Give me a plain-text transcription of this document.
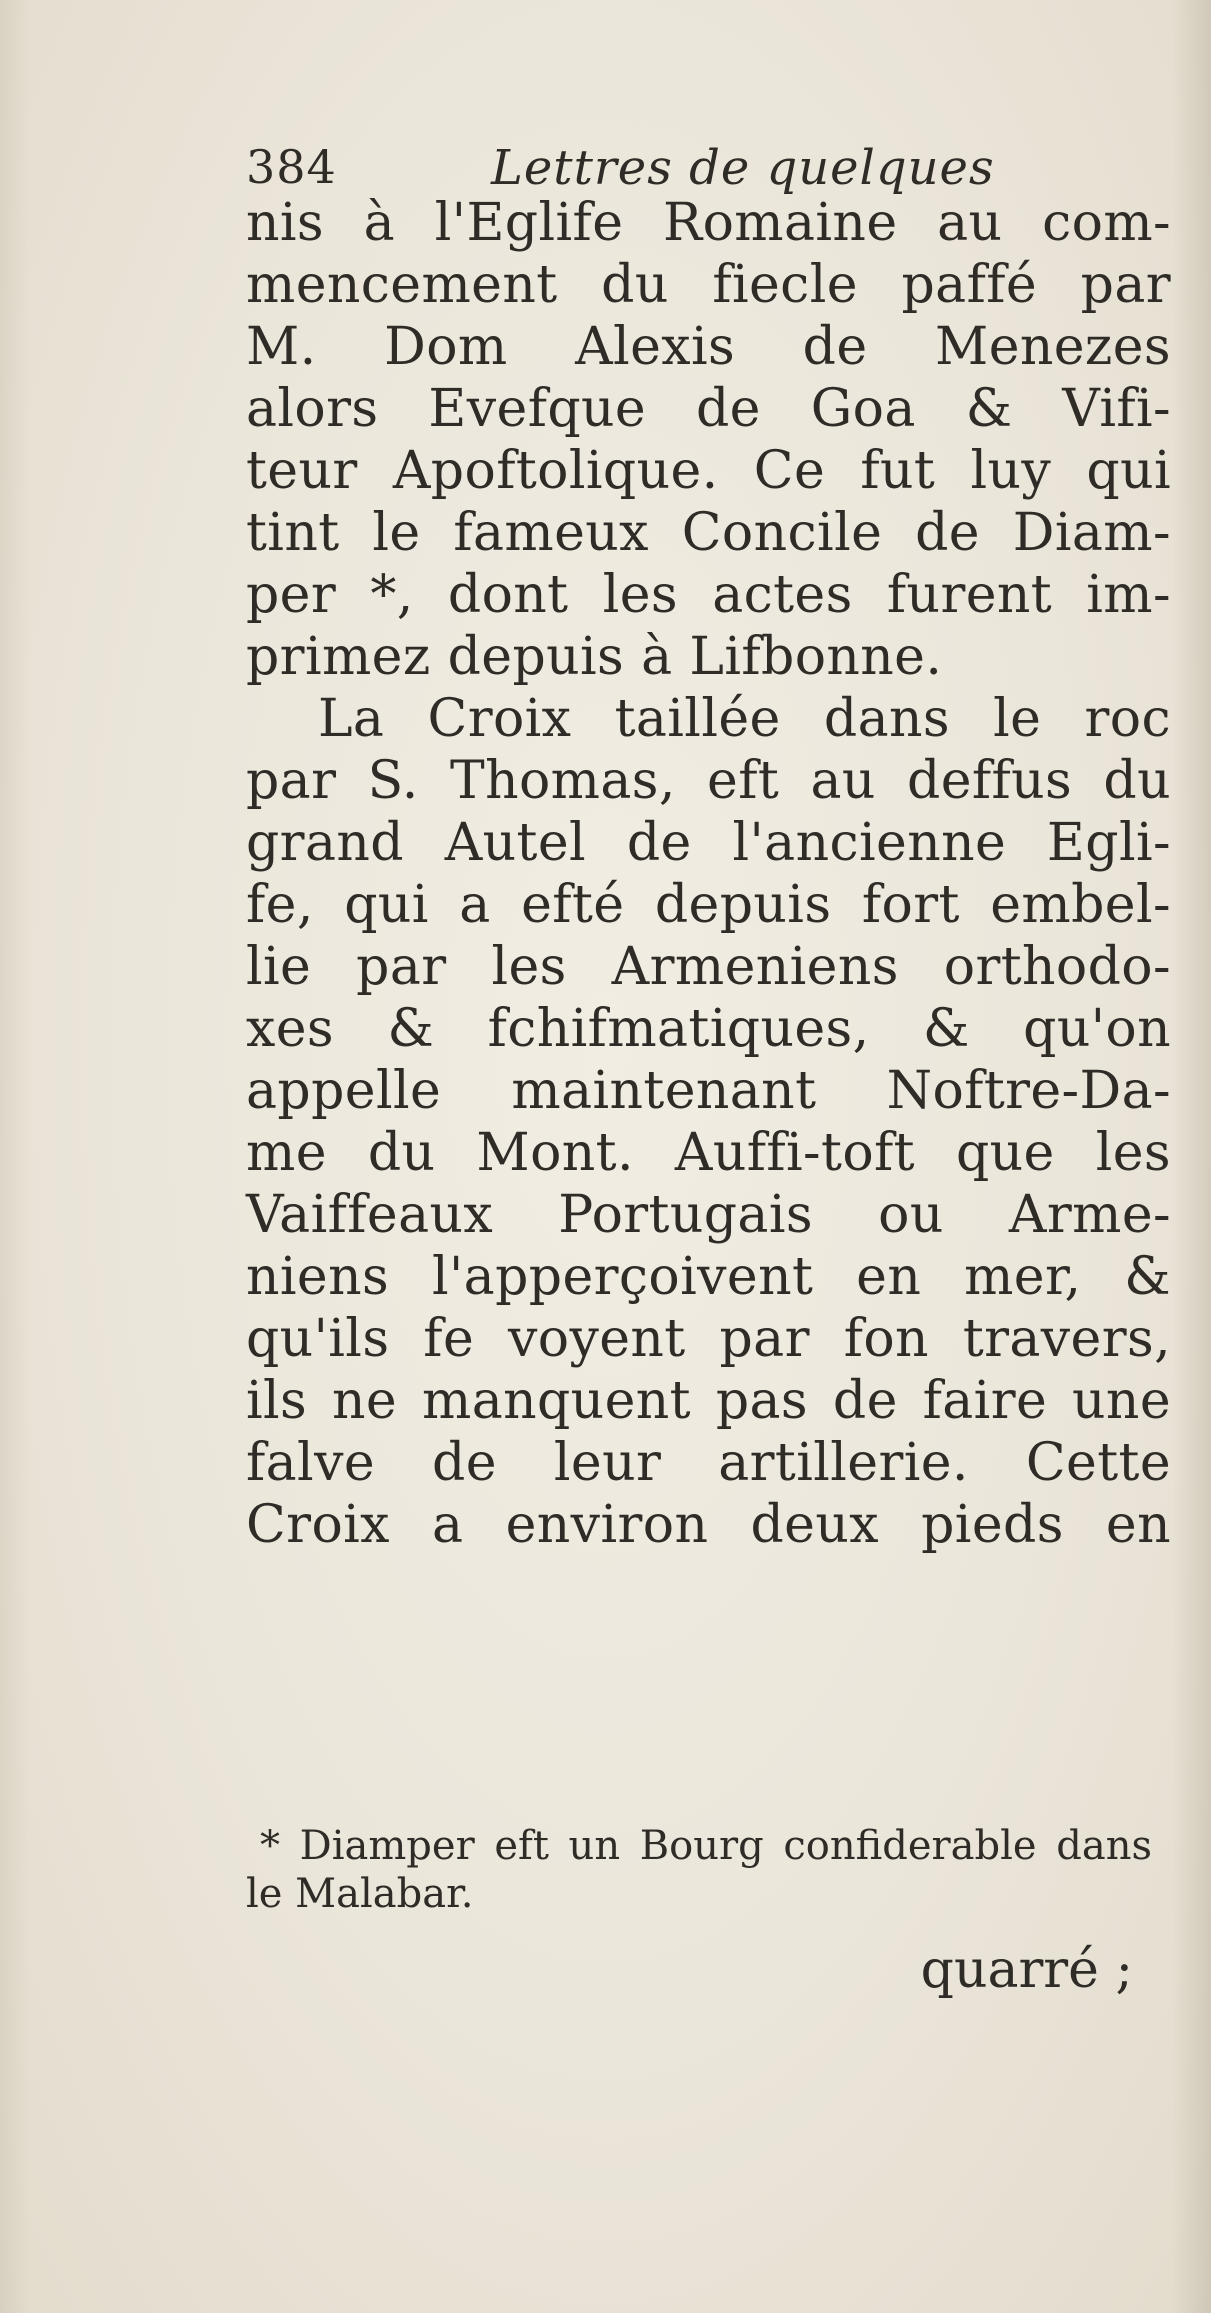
384	Lettres de quelques
nis à l'Eglife Romaine au com-
mencement du fiecle paffé par
M. Dom Alexis de Menezes
alors Evefque de Goa & Vifi-
teur Apoftolique. Ce fut luy qui
tint le fameux Concile de Diam-
per *, dont les actes furent im-
primez depuis à Lifbonne.
La Croix taillée dans le roc
par S. Thomas, eft au deffus du
grand Autel de l'ancienne Egli-
fe, qui a efté depuis fort embel-
lie par les Armeniens orthodo-
xes & fchifmatiques, & qu'on
appelle maintenant Noftre-Da-
me du Mont. Auffi-toft que les
Vaiffeaux Portugais ou Arme-
niens l'apperçoivent en mer, &
qu'ils fe voyent par fon travers,
ils ne manquent pas de faire une
falve de leur artillerie. Cette
Croix a environ deux pieds en
* Diamper eft un Bourg confiderable dans
le Malabar.
quarré ;
